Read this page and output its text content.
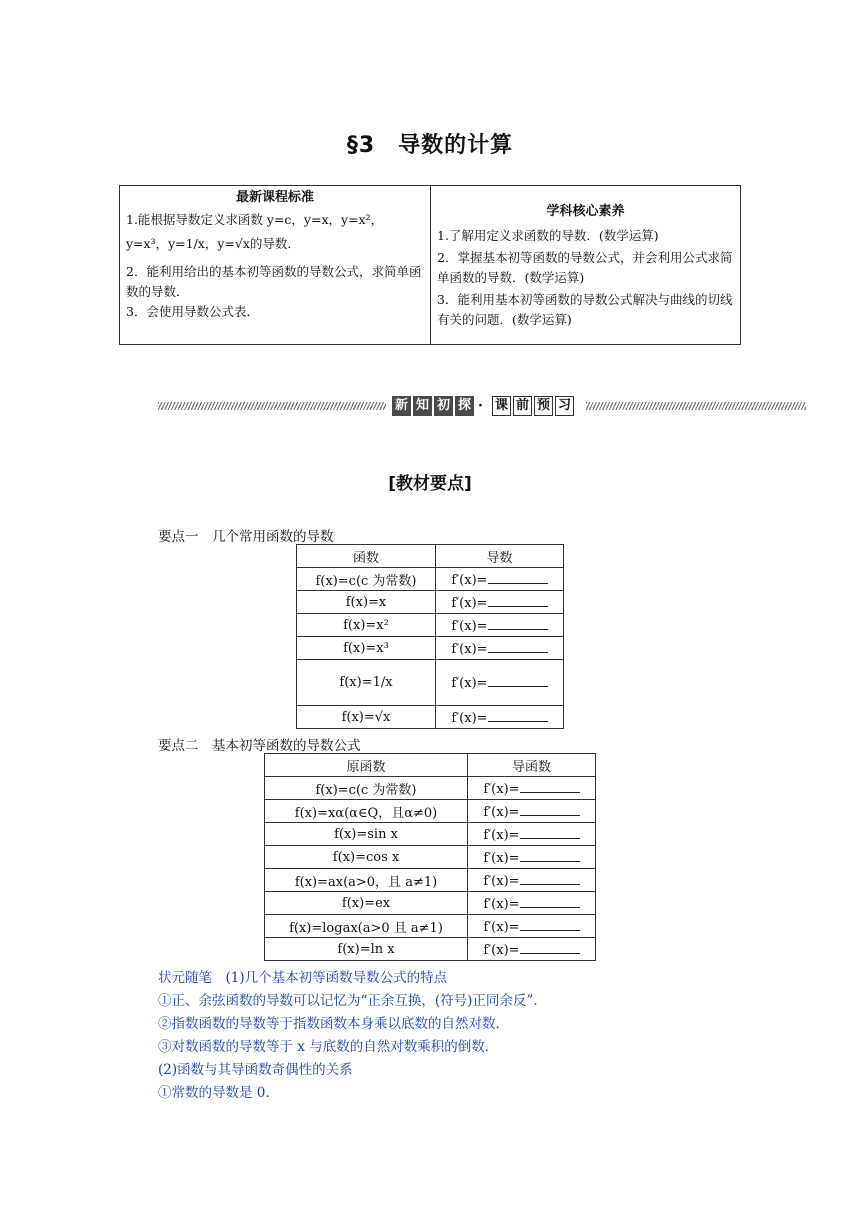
§3　导数的计算
最新课程标准
1.能根据导数定义求函数 y=c，y=x，y=x²，
y=x³，y=1/x，y=√x的导数．
2．能利用给出的基本初等函数的导数公式，求简单函数的导数．
3．会使用导数公式表．
学科核心素养
1.了解用定义求函数的导数．(数学运算)
2．掌握基本初等函数的导数公式，并会利用公式求简单函数的导数．(数学运算)
3．能利用基本初等函数的导数公式解决与曲线的切线有关的问题．(数学运算)
新 知 初 探 · 课 前 预 习
[教材要点]
要点一　几个常用函数的导数
函数	导数
f(x)=c(c 为常数)	f′(x)=
f(x)=x	f′(x)=
f(x)=x²	f′(x)=
f(x)=x³	f′(x)=
f(x)=1/x	f′(x)=
f(x)=√x	f′(x)=
要点二　基本初等函数的导数公式
原函数	导函数
f(x)=c(c 为常数)	f′(x)=
f(x)=xα(α∈Q，且α≠0)	f′(x)=
f(x)=sin x	f′(x)=
f(x)=cos x	f′(x)=
f(x)=ax(a>0，且 a≠1)	f′(x)=
f(x)=ex	f′(x)=
f(x)=logax(a>0 且 a≠1)	f′(x)=
f(x)=ln x	f′(x)=
状元随笔　(1)几个基本初等函数导数公式的特点
①正、余弦函数的导数可以记忆为“正余互换，(符号)正同余反”．
②指数函数的导数等于指数函数本身乘以底数的自然对数．
③对数函数的导数等于 x 与底数的自然对数乘积的倒数．
(2)函数与其导函数奇偶性的关系
①常数的导数是 0.
